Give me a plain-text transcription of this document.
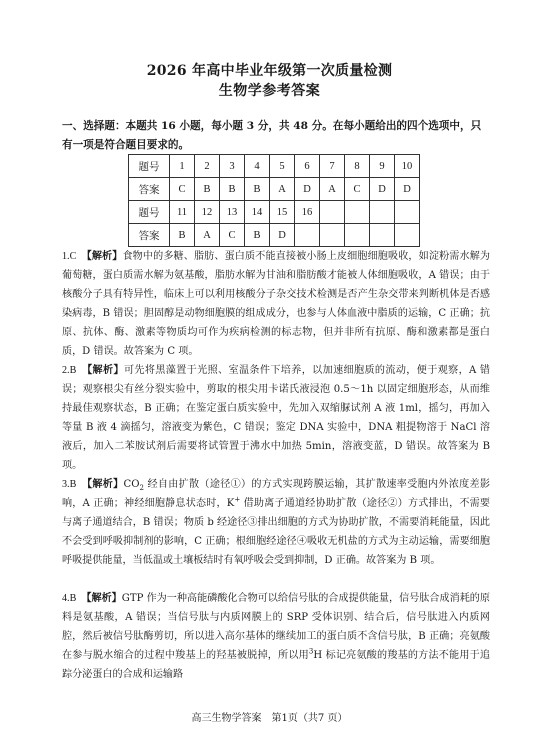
2026 年高中毕业年级第一次质量检测
生物学参考答案
一、选择题：本题共 16 小题，每小题 3 分，共 48 分。在每小题给出的四个选项中，只有一项是符合题目要求的。
题号	1	2	3	4	5	6	7	8	9	10
答案	C	B	B	B	A	D	A	C	D	D
题号	11	12	13	14	15	16				
答案	B	A	C	B	D					
1.C　 【解析】食物中的多糖、脂肪、蛋白质不能直接被小肠上皮细胞细胞吸收，如淀粉需水解为葡萄糖，蛋白质需水解为氨基酸，脂肪水解为甘油和脂肪酸才能被人体细胞吸收，A 错误；由于核酸分子具有特异性，临床上可以利用核酸分子杂交技术检测是否产生杂交带来判断机体是否感染病毒，B 错误；胆固醇是动物细胞膜的组成成分，也参与人体血液中脂质的运输，C 正确；抗原、抗体、酶、激素等物质均可作为疾病检测的标志物，但并非所有抗原、酶和激素都是蛋白质，D 错误。故答案为 C 项。
2.B　 【解析】可先将黑藻置于光照、室温条件下培养，以加速细胞质的流动，便于观察，A 错误；观察根尖有丝分裂实验中，剪取的根尖用卡诺氏液浸泡 0.5～1h 以固定细胞形态，从而维持最佳观察状态，B 正确；在鉴定蛋白质实验中，先加入双缩脲试剂 A 液 1ml，摇匀，再加入等量 B 液 4 滴摇匀，溶液变为紫色，C 错误；鉴定 DNA 实验中，DNA 粗提物溶于 NaCl 溶液后，加入二苯胺试剂后需要将试管置于沸水中加热 5min，溶液变蓝，D 错误。故答案为 B 项。
3.B　 【解析】$CO_2$ 经自由扩散（途径①）的方式实现跨膜运输，其扩散速率受胞内外浓度差影响，A 正确；神经细胞静息状态时，K+ 借助离子通道经协助扩散（途径②）方式排出，不需要与离子通道结合，B 错误；物质 b 经途径③排出细胞的方式为协助扩散，不需要消耗能量，因此不会受到呼吸抑制剂的影响，C 正确；根细胞经途径④吸收无机盐的方式为主动运输，需要细胞呼吸提供能量，当低温或土壤板结时有氧呼吸会受到抑制，D 正确。故答案为 B 项。
4.B　 【解析】GTP 作为一种高能磷酸化合物可以给信号肽的合成提供能量，信号肽合成消耗的原料是氨基酸，A 错误；当信号肽与内质网膜上的 SRP 受体识别、结合后，信号肽进入内质网腔，然后被信号肽酶剪切，所以进入高尔基体的继续加工的蛋白质不含信号肽，B 正确；亮氨酸在参与脱水缩合的过程中羧基上的羟基被脱掉，所以用$^3$H 标记亮氨酸的羧基的方法不能用于追踪分泌蛋白的合成和运输路
高三生物学答案　第1页（共7 页）
